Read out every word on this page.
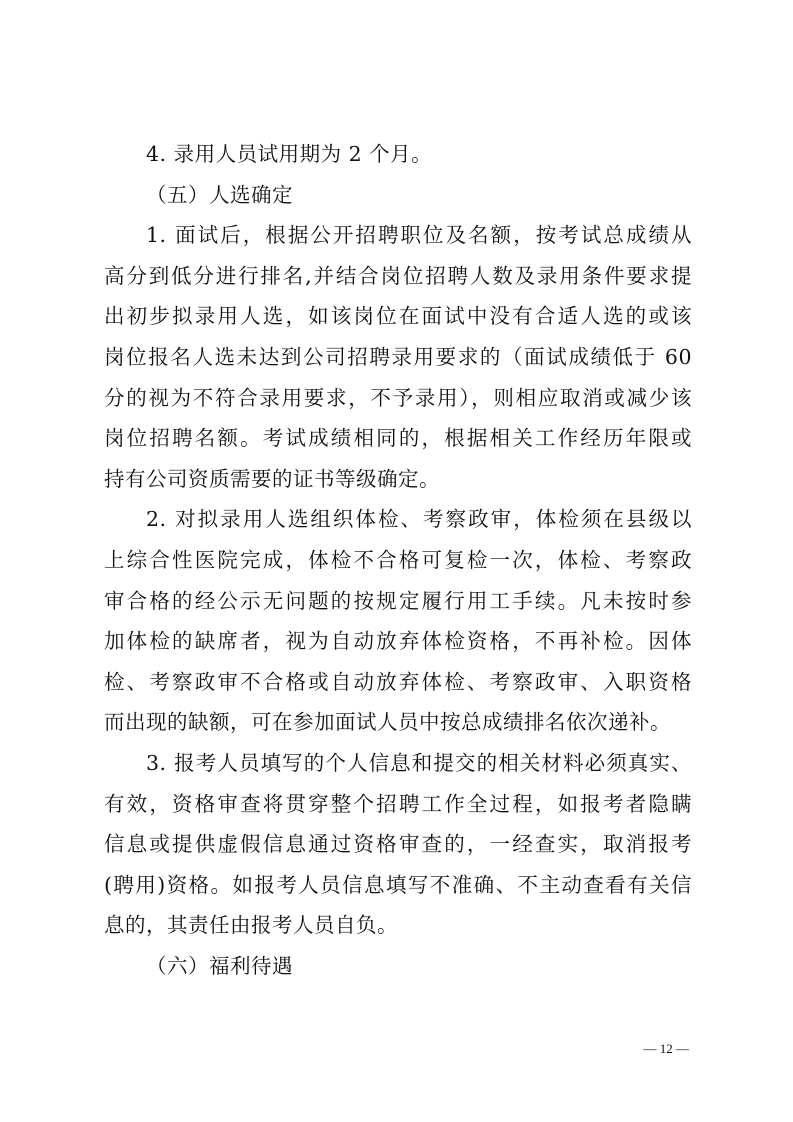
4. 录用人员试用期为 2 个月。
（五）人选确定
1. 面试后，根据公开招聘职位及名额，按考试总成绩从
高分到低分进行排名,并结合岗位招聘人数及录用条件要求提
出初步拟录用人选，如该岗位在面试中没有合适人选的或该
岗位报名人选未达到公司招聘录用要求的（面试成绩低于 60
分的视为不符合录用要求，不予录用），则相应取消或减少该
岗位招聘名额。考试成绩相同的，根据相关工作经历年限或
持有公司资质需要的证书等级确定。
2. 对拟录用人选组织体检、考察政审，体检须在县级以
上综合性医院完成，体检不合格可复检一次，体检、考察政
审合格的经公示无问题的按规定履行用工手续。凡未按时参
加体检的缺席者，视为自动放弃体检资格，不再补检。因体
检、考察政审不合格或自动放弃体检、考察政审、入职资格
而出现的缺额，可在参加面试人员中按总成绩排名依次递补。
3. 报考人员填写的个人信息和提交的相关材料必须真实、
有效，资格审查将贯穿整个招聘工作全过程，如报考者隐瞒
信息或提供虚假信息通过资格审查的，一经查实，取消报考
(聘用)资格。如报考人员信息填写不准确、不主动查看有关信
息的，其责任由报考人员自负。
（六）福利待遇
— 12 —
